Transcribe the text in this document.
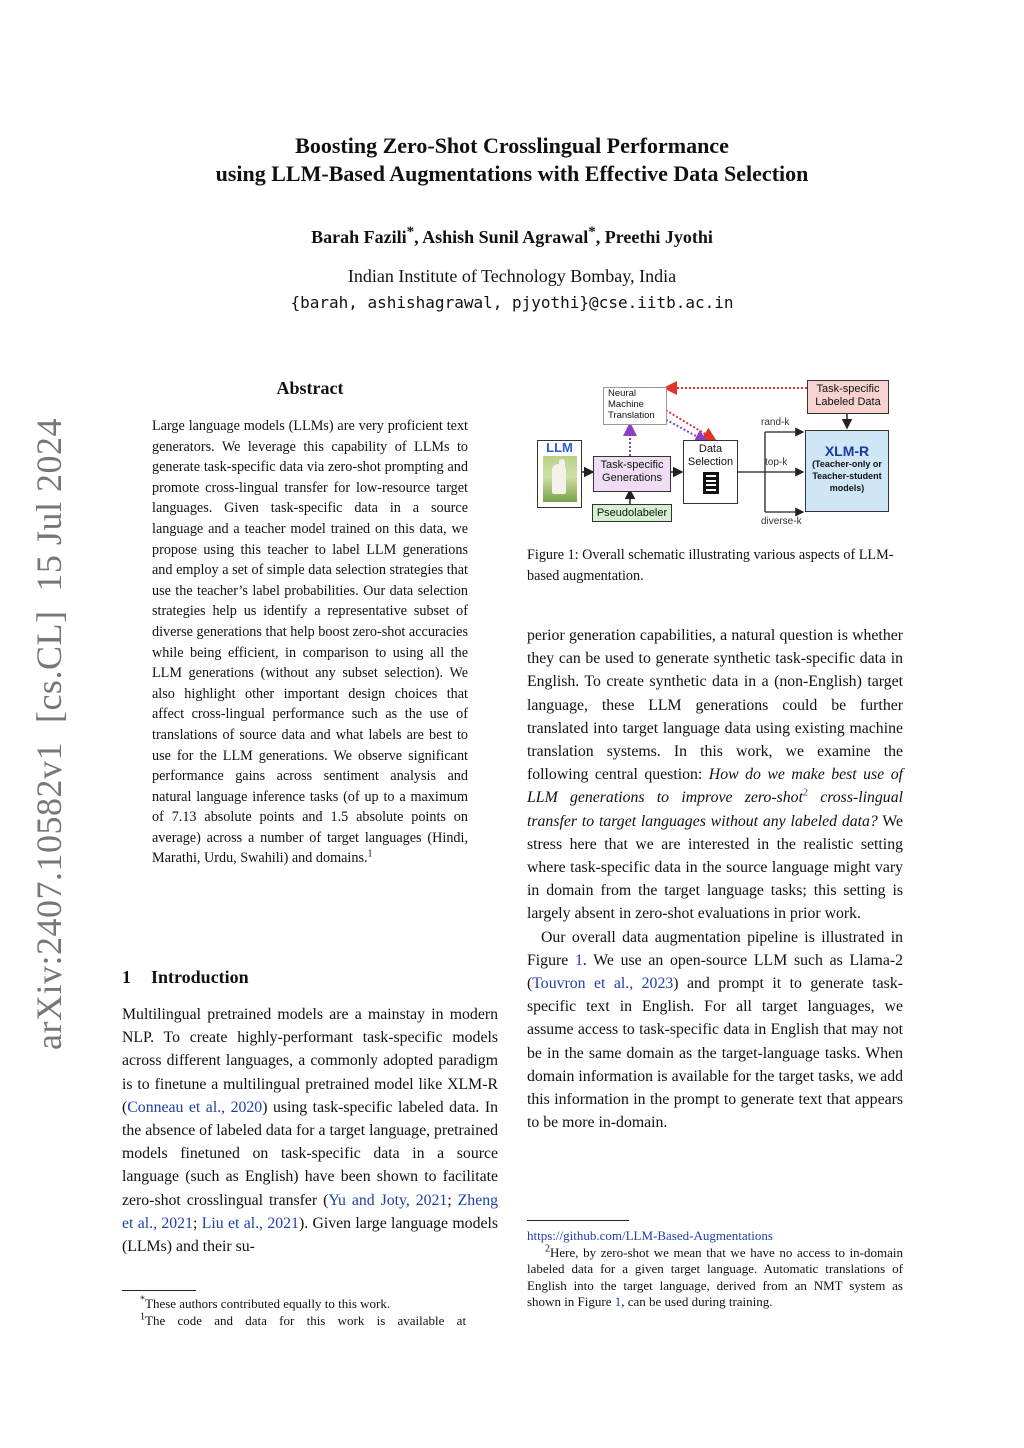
Boosting Zero-Shot Crosslingual Performance
using LLM-Based Augmentations with Effective Data Selection
Barah Fazili*, Ashish Sunil Agrawal*, Preethi Jyothi
Indian Institute of Technology Bombay, India
{barah, ashishagrawal, pjyothi}@cse.iitb.ac.in
arXiv:2407.10582v1  [cs.CL]  15 Jul 2024
Abstract
Large language models (LLMs) are very proficient text generators. We leverage this capability of LLMs to generate task-specific data via zero-shot prompting and promote cross-lingual transfer for low-resource target languages. Given task-specific data in a source language and a teacher model trained on this data, we propose using this teacher to label LLM generations and employ a set of simple data selection strategies that use the teacher’s label probabilities. Our data selection strategies help us identify a representative subset of diverse generations that help boost zero-shot accuracies while being efficient, in comparison to using all the LLM generations (without any subset selection). We also highlight other important design choices that affect cross-lingual performance such as the use of translations of source data and what labels are best to use for the LLM generations. We observe significant performance gains across sentiment analysis and natural language inference tasks (of up to a maximum of 7.13 absolute points and 1.5 absolute points on average) across a number of target languages (Hindi, Marathi, Urdu, Swahili) and domains.$^1$
1 Introduction
Multilingual pretrained models are a mainstay in modern NLP. To create highly-performant task-specific models across different languages, a commonly adopted paradigm is to finetune a multilingual pretrained model like XLM-R (Conneau et al., 2020) using task-specific labeled data. In the absence of labeled data for a target language, pretrained models finetuned on task-specific data in a source language (such as English) have been shown to facilitate zero-shot crosslingual transfer (Yu and Joty, 2021; Zheng et al., 2021; Liu et al., 2021). Given large language models (LLMs) and their su-
*These authors contributed equally to this work.
$^1$The code and data for this work is available at
LLM
Neural Machine Translation
Task-specific Generations
Pseudolabeler
Data Selection
Task-specific Labeled Data
XLM-R
(Teacher-only or Teacher-student models)
rand-k
top-k
diverse-k
Figure 1: Overall schematic illustrating various aspects of LLM-based augmentation.

perior generation capabilities, a natural question is whether they can be used to generate synthetic task-specific data in English. To create synthetic data in a (non-English) target language, these LLM generations could be further translated into target language data using existing machine translation systems. In this work, we examine the following central question: How do we make best use of LLM generations to improve zero-shot$^2$ cross-lingual transfer to target languages without any labeled data? We stress here that we are interested in the realistic setting where task-specific data in the source language might vary in domain from the target language tasks; this setting is largely absent in zero-shot evaluations in prior work.

Our overall data augmentation pipeline is illustrated in Figure 1. We use an open-source LLM such as Llama-2 (Touvron et al., 2023) and prompt it to generate task-specific text in English. For all target languages, we assume access to task-specific data in English that may not be in the same domain as the target-language tasks. When domain information is available for the target tasks, we add this information in the prompt to generate text that appears to be more in-domain.

https://github.com/LLM-Based-Augmentations
$^2$Here, by zero-shot we mean that we have no access to in-domain labeled data for a given target language. Automatic translations of English into the target language, derived from an NMT system as shown in Figure 1, can be used during training.
